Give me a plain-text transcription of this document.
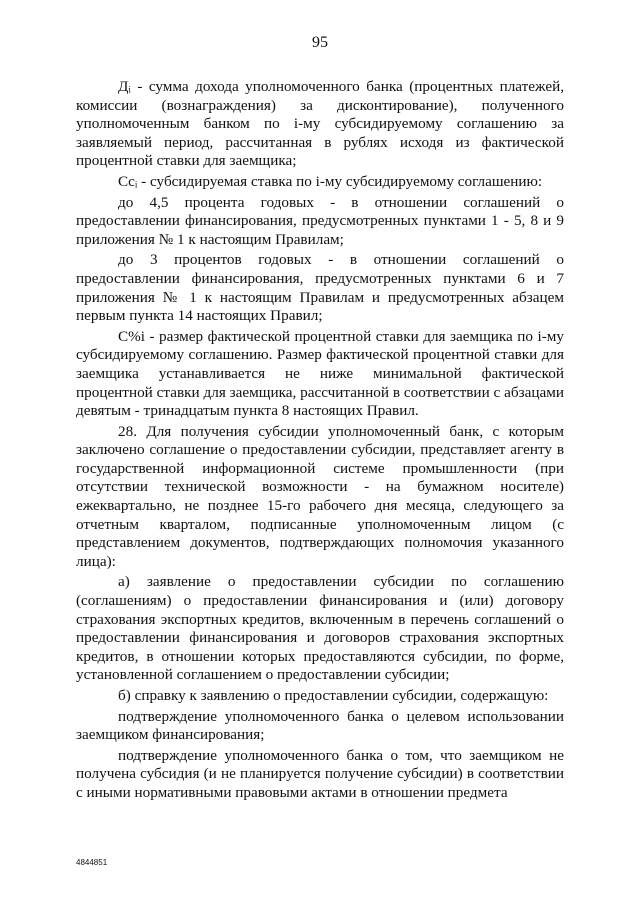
95

Дᵢ - сумма дохода уполномоченного банка (процентных платежей, комиссии (вознаграждения) за дисконтирование), полученного уполномоченным банком по i-му субсидируемому соглашению за заявляемый период, рассчитанная в рублях исходя из фактической процентной ставки для заемщика;

Ccᵢ - субсидируемая ставка по i-му субсидируемому соглашению:

до 4,5 процента годовых - в отношении соглашений о предоставлении финансирования, предусмотренных пунктами 1 - 5, 8 и 9 приложения № 1 к настоящим Правилам;

до 3 процентов годовых - в отношении соглашений о предоставлении финансирования, предусмотренных пунктами 6 и 7 приложения № 1 к настоящим Правилам и предусмотренных абзацем первым пункта 14 настоящих Правил;

С%i - размер фактической процентной ставки для заемщика по i-му субсидируемому соглашению. Размер фактической процентной ставки для заемщика устанавливается не ниже минимальной фактической процентной ставки для заемщика, рассчитанной в соответствии с абзацами девятым - тринадцатым пункта 8 настоящих Правил.

28. Для получения субсидии уполномоченный банк, с которым заключено соглашение о предоставлении субсидии, представляет агенту в государственной информационной системе промышленности (при отсутствии технической возможности - на бумажном носителе) ежеквартально, не позднее 15-го рабочего дня месяца, следующего за отчетным кварталом, подписанные уполномоченным лицом (с представлением документов, подтверждающих полномочия указанного лица):

а) заявление о предоставлении субсидии по соглашению (соглашениям) о предоставлении финансирования и (или) договору страхования экспортных кредитов, включенным в перечень соглашений о предоставлении финансирования и договоров страхования экспортных кредитов, в отношении которых предоставляются субсидии, по форме, установленной соглашением о предоставлении субсидии;

б) справку к заявлению о предоставлении субсидии, содержащую:

подтверждение уполномоченного банка о целевом использовании заемщиком финансирования;

подтверждение уполномоченного банка о том, что заемщиком не получена субсидия (и не планируется получение субсидии) в соответствии с иными нормативными правовыми актами в отношении предмета

4844851
